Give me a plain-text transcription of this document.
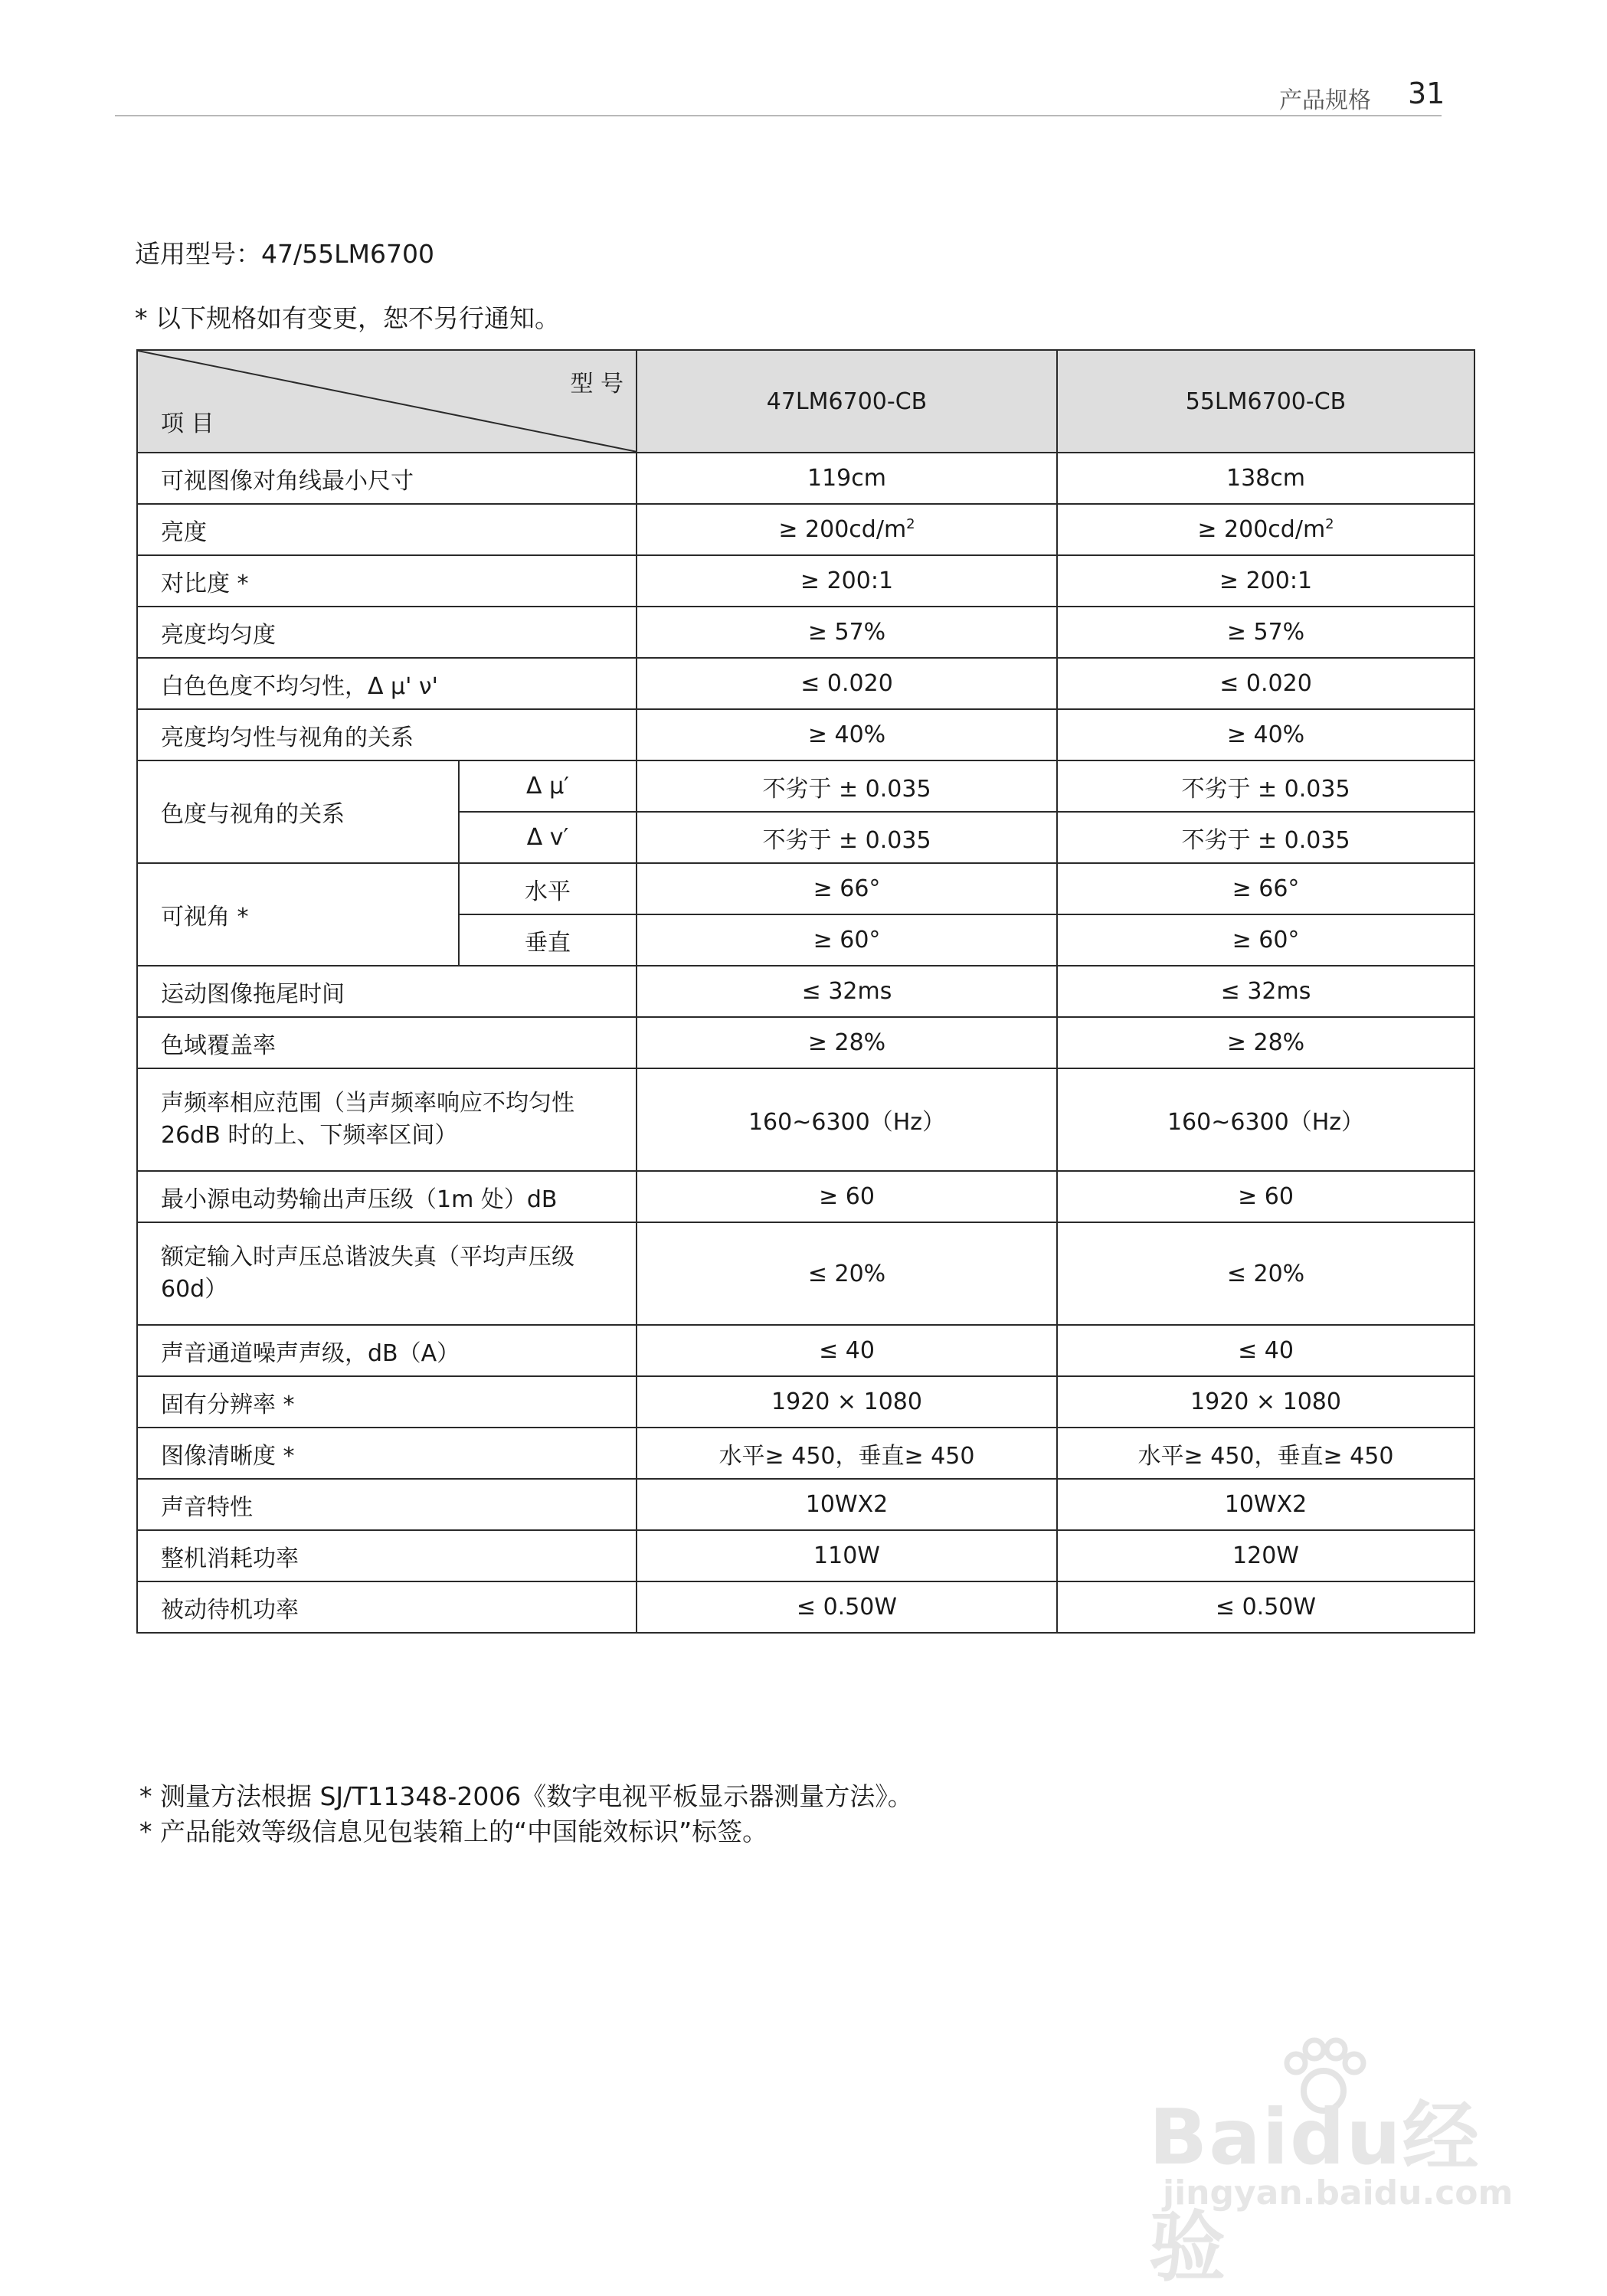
产品规格 31
适用型号：47/55LM6700
* 以下规格如有变更，恕不另行通知。
型 号
项 目		47LM6700-CB	55LM6700-CB
可视图像对角线最小尺寸		119cm	138cm
亮度		≥ $200cd/m^2$	≥ $200cd/m^2$
对比度 *		≥ 200:1	≥ 200:1
亮度均匀度		≥ 57%	≥ 57%
白色色度不均匀性，Δ μ' ν'		≤ 0.020	≤ 0.020
亮度均匀性与视角的关系		≥ 40%	≥ 40%
色度与视角的关系	Δ μ′	不劣于 ± 0.035	不劣于 ± 0.035
	Δ v′	不劣于 ± 0.035	不劣于 ± 0.035
可视角 *	水平	≥ 66°	≥ 66°
	垂直	≥ 60°	≥ 60°
运动图像拖尾时间		≤ 32ms	≤ 32ms
色域覆盖率		≥ 28%	≥ 28%

声频率相应范围（当声频率响应不均匀性
26dB 时的上、下频率区间）		160~6300（Hz）	160~6300（Hz）
最小源电动势输出声压级（1m 处）dB		≥ 60	≥ 60

额定输入时声压总谐波失真（平均声压级
60d）		≤ 20%	≤ 20%
声音通道噪声声级，dB（A）		≤ 40	≤ 40
固有分辨率 *		1920 × 1080	1920 × 1080
图像清晰度 *		水平≥ 450，垂直≥ 450	水平≥ 450，垂直≥ 450
声音特性		10WX2	10WX2
整机消耗功率		110W	120W
被动待机功率		≤ 0.50W	≤ 0.50W
* 测量方法根据 SJ/T11348-2006《数字电视平板显示器测量方法》。
* 产品能效等级信息见包装箱上的“中国能效标识”标签。
Baidu经验
jingyan.baidu.com
